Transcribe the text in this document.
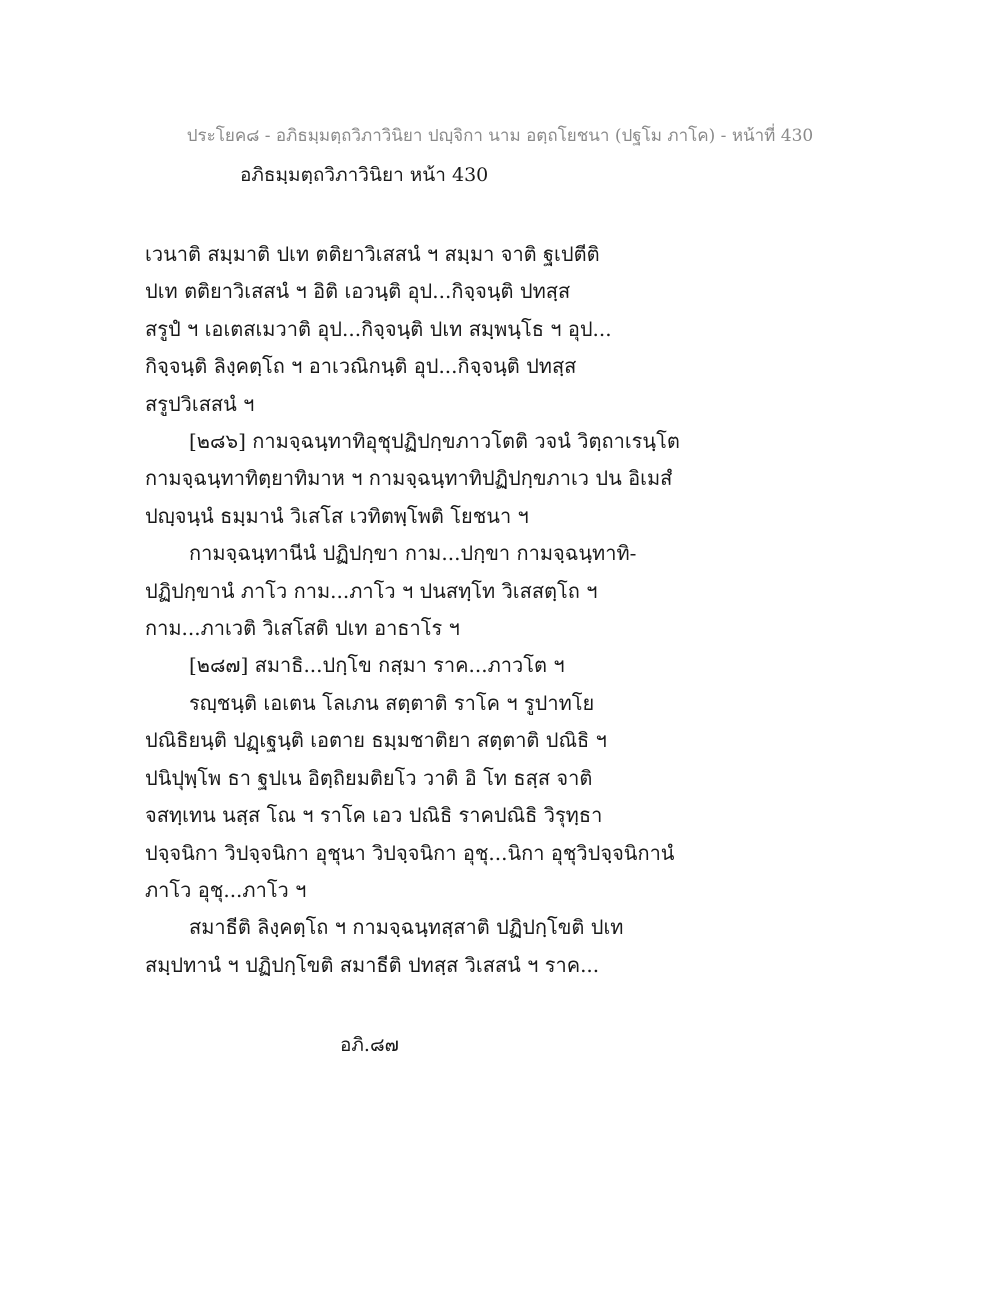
ประโยค๘ - อภิธมฺมตฺถวิภาวินิยา ปญฺจิกา นาม อตฺถโยชนา (ปฐโม ภาโค) - หน้าที่ 430
อภิธมฺมตฺถวิภาวินิยา หน้า 430
เวนาติ สมฺมาติ ปเท ตติยาวิเสสนํ ฯ สมฺมา จาติ ฐเปตีติ
ปเท ตติยาวิเสสนํ ฯ อิติ เอวนฺติ อุป...กิจฺจนฺติ ปทสฺส
สรูปํ ฯ เอเตสเมวาติ อุป...กิจฺจนฺติ ปเท สมฺพนฺโธ ฯ อุป...
กิจฺจนฺติ ลิงฺคตฺโถ ฯ อาเวณิกนฺติ อุป...กิจฺจนฺติ ปทสฺส
สรูปวิเสสนํ ฯ
[๒๘๖] กามจฺฉนฺทาทิอุชุปฏิปกฺขภาวโตติ วจนํ วิตฺถาเรนฺโต
กามจฺฉนฺทาทิตฺยาทิมาห ฯ กามจฺฉนฺทาทิปฏิปกฺขภาเว ปน อิเมสํ
ปญฺจนฺนํ ธมฺมานํ วิเสโส เวทิตพฺโพติ โยชนา ฯ
กามจฺฉนฺทานีนํ ปฏิปกฺขา กาม...ปกฺขา กามจฺฉนฺทาทิ-
ปฏิปกฺขานํ ภาโว กาม...ภาโว ฯ ปนสทฺโท วิเสสตฺโถ ฯ
กาม...ภาเวติ วิเสโสติ ปเท อาธาโร ฯ
[๒๘๗] สมาธิ...ปกฺโข กสฺมา ราค...ภาวโต ฯ
รญฺชนฺติ เอเตน โลเภน สตฺตาติ ราโค ฯ รูปาทโย
ปณิธิยนฺติ ปฏฺเฐนฺติ เอตาย ธมฺมชาติยา สตฺตาติ ปณิธิ ฯ
ปนิปุพฺโพ ธา ฐปเน อิตฺถิยมติยโว วาติ อิ โท ธสฺส จาติ
จสทฺเทน นสฺส โณ ฯ ราโค เอว ปณิธิ ราคปณิธิ วิรุทฺธา
ปจฺจนิกา วิปจฺจนิกา อุชุนา วิปจฺจนิกา อุชุ...นิกา อุชุวิปจฺจนิกานํ
ภาโว อุชุ...ภาโว ฯ
สมาธีติ ลิงฺคตฺโถ ฯ กามจฺฉนฺทสฺสาติ ปฏิปกฺโขติ ปเท
สมฺปทานํ ฯ ปฏิปกฺโขติ สมาธีติ ปทสฺส วิเสสนํ ฯ ราค...
อภิ.๘๗
